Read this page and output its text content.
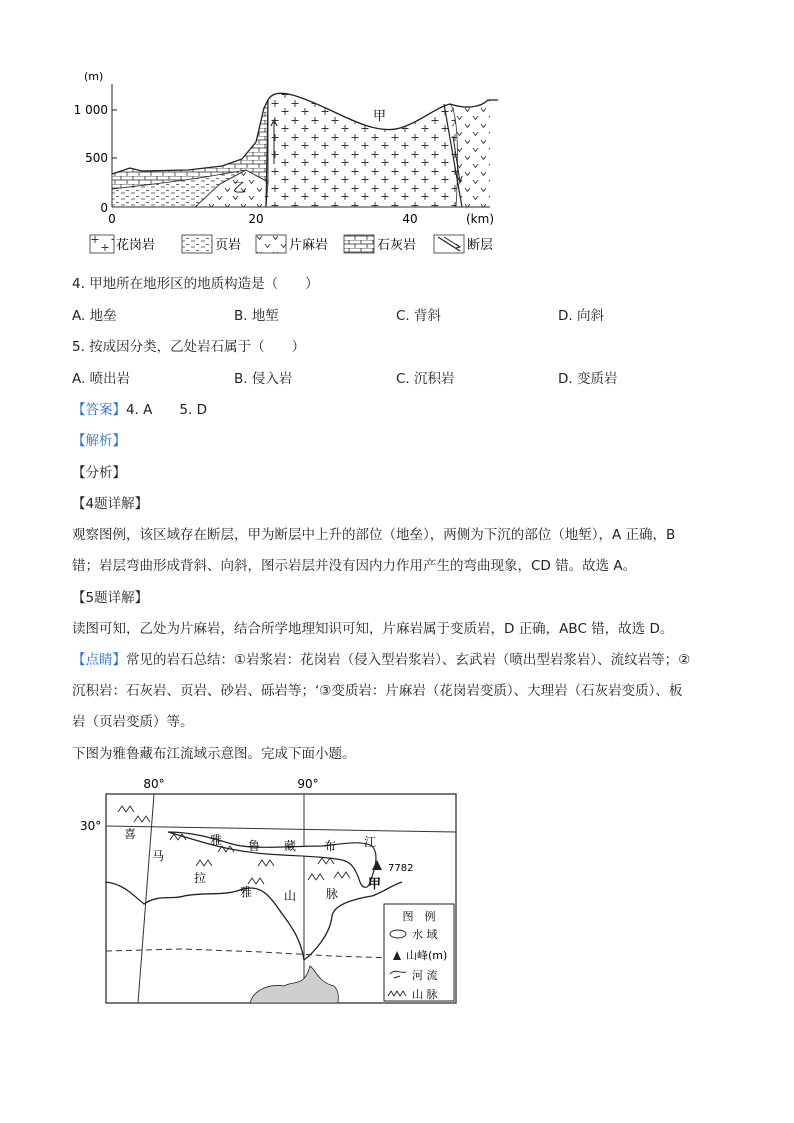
(m)
1 000
500
0
0	20	40	(km)
甲
乙
花岗岩	页岩	片麻岩	石灰岩	断层
4. 甲地所在地形区的地质构造是（　　）
A. 地垒	B. 地堑	C. 背斜	D. 向斜
5. 按成因分类，乙处岩石属于（　　）
A. 喷出岩	B. 侵入岩	C. 沉积岩	D. 变质岩
【答案】4. A　　5. D
【解析】
【分析】
【4题详解】
观察图例，该区域存在断层，甲为断层中上升的部位（地垒），两侧为下沉的部位（地堑），A 正确，B
错；岩层弯曲形成背斜、向斜，图示岩层并没有因内力作用产生的弯曲现象，CD 错。故选 A。
【5题详解】
读图可知，乙处为片麻岩，结合所学地理知识可知，片麻岩属于变质岩，D 正确，ABC 错，故选 D。
【点睛】常见的岩石总结：①岩浆岩：花岗岩（侵入型岩浆岩）、玄武岩（喷出型岩浆岩）、流纹岩等；②
沉积岩：石灰岩、页岩、砂岩、砾岩等；‘③变质岩：片麻岩（花岗岩变质）、大理岩（石灰岩变质）、板
岩（页岩变质）等。
下图为雅鲁藏布江流域示意图。完成下面小题。
80°	90°
30°
喜
马
拉
雅	山 脉
雅 鲁 藏 布 江
7782
甲
图　例
水 域
山峰(m)
河 流
山 脉
